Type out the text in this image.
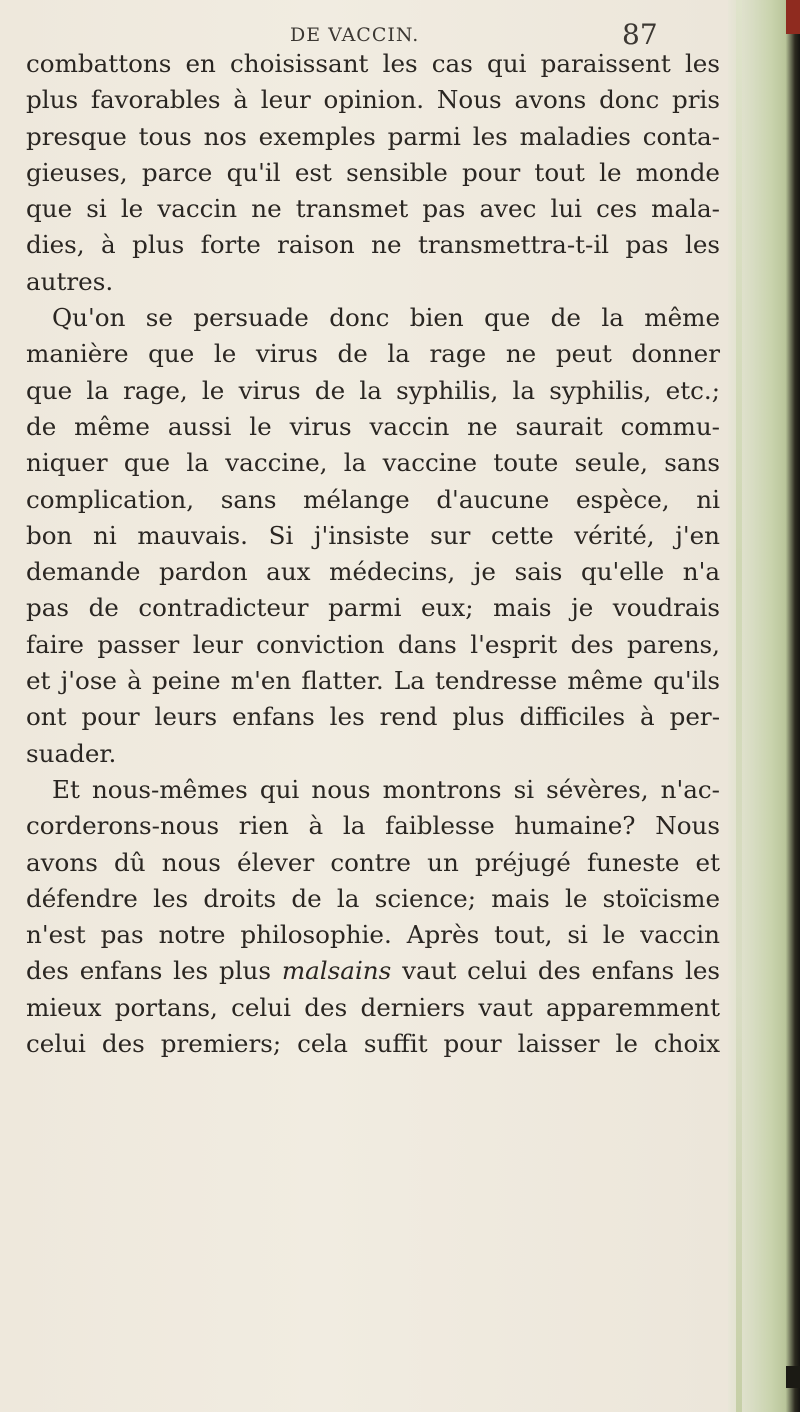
DE VACCIN.	87
combattons en choisissant les cas qui paraissent les
plus favorables à leur opinion. Nous avons donc pris
presque tous nos exemples parmi les maladies conta-
gieuses, parce qu'il est sensible pour tout le monde
que si le vaccin ne transmet pas avec lui ces mala-
dies, à plus forte raison ne transmettra-t-il pas les
autres.
Qu'on se persuade donc bien que de la même
manière que le virus de la rage ne peut donner
que la rage, le virus de la syphilis, la syphilis, etc.;
de même aussi le virus vaccin ne saurait commu-
niquer que la vaccine, la vaccine toute seule, sans
complication, sans mélange d'aucune espèce, ni
bon ni mauvais. Si j'insiste sur cette vérité, j'en
demande pardon aux médecins, je sais qu'elle n'a
pas de contradicteur parmi eux; mais je voudrais
faire passer leur conviction dans l'esprit des parens,
et j'ose à peine m'en flatter. La tendresse même qu'ils
ont pour leurs enfans les rend plus difficiles à per-
suader.
Et nous-mêmes qui nous montrons si sévères, n'ac-
corderons-nous rien à la faiblesse humaine? Nous
avons dû nous élever contre un préjugé funeste et
défendre les droits de la science; mais le stoïcisme
n'est pas notre philosophie. Après tout, si le vaccin
des enfans les plus malsains vaut celui des enfans les
mieux portans, celui des derniers vaut apparemment
celui des premiers; cela suffit pour laisser le choix
